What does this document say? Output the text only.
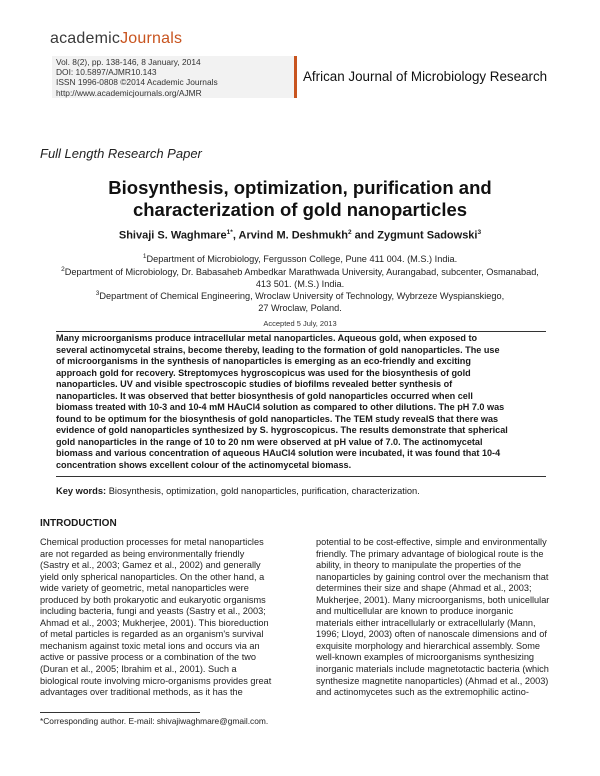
academicJournals
Vol. 8(2), pp. 138-146, 8 January, 2014
DOI: 10.5897/AJMR10.143
ISSN 1996-0808 ©2014 Academic Journals
http://www.academicjournals.org/AJMR
African Journal of Microbiology Research
Full Length Research Paper
Biosynthesis, optimization, purification and
characterization of gold nanoparticles
Shivaji S. Waghmare$^{1*}$, Arvind M. Deshmukh$^2$ and Zygmunt Sadowski$^3$
$^1$Department of Microbiology, Fergusson College, Pune 411 004. (M.S.) India.
$^2$Department of Microbiology, Dr. Babasaheb Ambedkar Marathwada University, Aurangabad, subcenter, Osmanabad,
413 501. (M.S.) India.
$^3$Department of Chemical Engineering, Wroclaw University of Technology, Wybrzeze Wyspianskiego,
27 Wroclaw, Poland.
Accepted 5 July, 2013
Many microorganisms produce intracellular metal nanoparticles. Aqueous gold, when exposed to
several actinomycetal strains, become thereby, leading to the formation of gold nanoparticles. The use
of microorganisms in the synthesis of nanoparticles is emerging as an eco-friendly and exciting
approach gold for recovery. Streptomyces hygroscopicus was used for the biosynthesis of gold
nanoparticles. UV and visible spectroscopic studies of biofilms revealed better synthesis of
nanoparticles. It was observed that better biosynthesis of gold nanoparticles occurred when cell
biomass treated with 10-3 and 10-4 mM HAuCl4 solution as compared to other dilutions. The pH 7.0 was
found to be optimum for the biosynthesis of gold nanoparticles. The TEM study revealS that there was
evidence of gold nanoparticles synthesized by S. hygroscopicus. The results demonstrate that spherical
gold nanoparticles in the range of 10 to 20 nm were observed at pH value of 7.0. The actinomycetal
biomass and various concentration of aqueous HAuCl4 solution were incubated, it was found that 10-4
concentration shows excellent colour of the actinomycetal biomass.
Key words: Biosynthesis, optimization, gold nanoparticles, purification, characterization.
INTRODUCTION
Chemical production processes for metal nanoparticles
are not regarded as being environmentally friendly
(Sastry et al., 2003; Gamez et al., 2002) and generally
yield only spherical nanoparticles. On the other hand, a
wide variety of geometric, metal nanoparticles were
produced by both prokaryotic and eukaryotic organisms
including bacteria, fungi and yeasts (Sastry et al., 2003;
Ahmad et al., 2003; Mukherjee, 2001). This bioreduction
of metal particles is regarded as an organism's survival
mechanism against toxic metal ions and occurs via an
active or passive process or a combination of the two
(Duran et al., 2005; Ibrahim et al., 2001). Such a
biological route involving micro-organisms provides great
advantages over traditional methods, as it has the
potential to be cost-effective, simple and environmentally
friendly. The primary advantage of biological route is the
ability, in theory to manipulate the properties of the
nanoparticles by gaining control over the mechanism that
determines their size and shape (Ahmad et al., 2003;
Mukherjee, 2001). Many microorganisms, both unicellular
and multicellular are known to produce inorganic
materials either intracellularly or extracellularly (Mann,
1996; Lloyd, 2003) often of nanoscale dimensions and of
exquisite morphology and hierarchical assembly. Some
well-known examples of microorganisms synthesizing
inorganic materials include magnetotactic bacteria (which
synthesize magnetite nanoparticles) (Ahmad et al., 2003)
and actinomycetes such as the extremophilic actino-
*Corresponding author. E-mail: shivajiwaghmare@gmail.com.
